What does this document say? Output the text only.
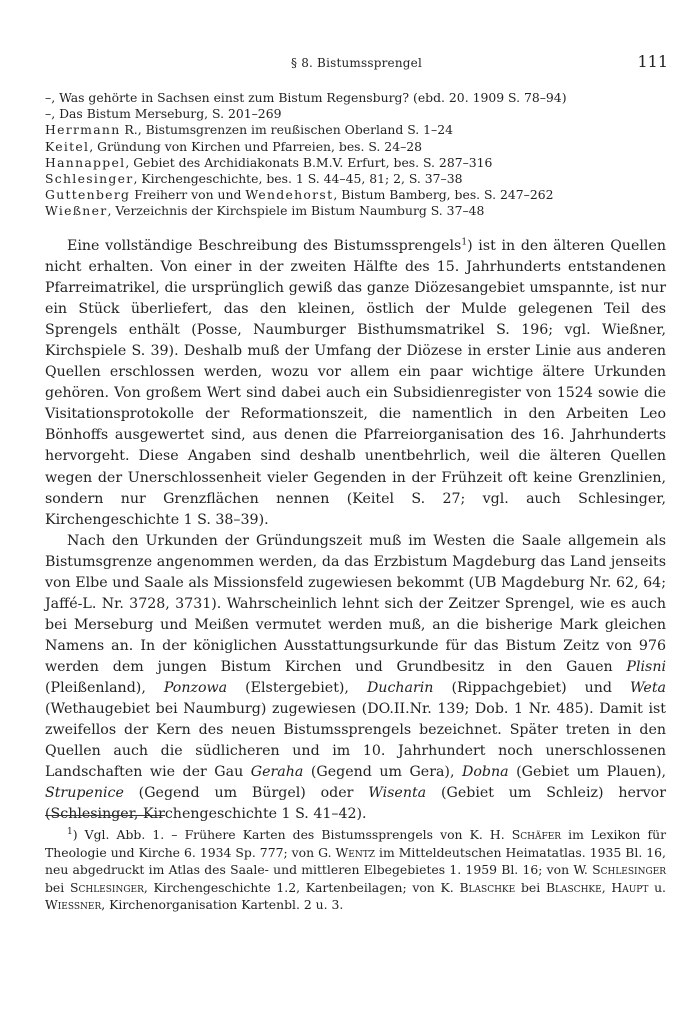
§ 8. Bistumssprengel	111
–, Was gehörte in Sachsen einst zum Bistum Regensburg? (ebd. 20. 1909 S. 78–94)
–, Das Bistum Merseburg, S. 201–269
Herrmann R., Bistumsgrenzen im reußischen Oberland S. 1–24
Keitel, Gründung von Kirchen und Pfarreien, bes. S. 24–28
Hannappel, Gebiet des Archidiakonats B.M.V. Erfurt, bes. S. 287–316
Schlesinger, Kirchengeschichte, bes. 1 S. 44–45, 81; 2, S. 37–38
Guttenberg Freiherr von und Wendehorst, Bistum Bamberg, bes. S. 247–262
Wießner, Verzeichnis der Kirchspiele im Bistum Naumburg S. 37–48

Eine vollständige Beschreibung des Bistumssprengels$^1$) ist in den älteren Quellen nicht erhalten. Von einer in der zweiten Hälfte des 15. Jahrhunderts entstandenen Pfarreimatrikel, die ursprünglich gewiß das ganze Diözesangebiet umspannte, ist nur ein Stück überliefert, das den kleinen, östlich der Mulde gelegenen Teil des Sprengels enthält (Posse, Naumburger Bisthumsmatrikel S. 196; vgl. Wießner, Kirchspiele S. 39). Deshalb muß der Umfang der Diözese in erster Linie aus anderen Quellen erschlossen werden, wozu vor allem ein paar wichtige ältere Urkunden gehören. Von großem Wert sind dabei auch ein Subsidienregister von 1524 sowie die Visitationsprotokolle der Reformationszeit, die namentlich in den Arbeiten Leo Bönhoffs ausgewertet sind, aus denen die Pfarreiorganisation des 16. Jahrhunderts hervorgeht. Diese Angaben sind deshalb unentbehrlich, weil die älteren Quellen wegen der Unerschlossenheit vieler Gegenden in der Frühzeit oft keine Grenzlinien, sondern nur Grenzflächen nennen (Keitel S. 27; vgl. auch Schlesinger, Kirchengeschichte 1 S. 38–39).

Nach den Urkunden der Gründungszeit muß im Westen die Saale allgemein als Bistumsgrenze angenommen werden, da das Erzbistum Magdeburg das Land jenseits von Elbe und Saale als Missionsfeld zugewiesen bekommt (UB Magdeburg Nr. 62, 64; Jaffé-L. Nr. 3728, 3731). Wahrscheinlich lehnt sich der Zeitzer Sprengel, wie es auch bei Merseburg und Meißen vermutet werden muß, an die bisherige Mark gleichen Namens an. In der königlichen Ausstattungsurkunde für das Bistum Zeitz von 976 werden dem jungen Bistum Kirchen und Grundbesitz in den Gauen Plisni (Pleißenland), Ponzowa (Elstergebiet), Ducharin (Rippachgebiet) und Weta (Wethaugebiet bei Naumburg) zugewiesen (DO.II.Nr. 139; Dob. 1 Nr. 485). Damit ist zweifellos der Kern des neuen Bistumssprengels bezeichnet. Später treten in den Quellen auch die südlicheren und im 10. Jahrhundert noch unerschlossenen Landschaften wie der Gau Geraha (Gegend um Gera), Dobna (Gebiet um Plauen), Strupenice (Gegend um Bürgel) oder Wisenta (Gebiet um Schleiz) hervor (Schlesinger, Kirchengeschichte 1 S. 41–42).

$^1$) Vgl. Abb. 1. – Frühere Karten des Bistumssprengels von K. H. Schäfer im Lexikon für Theologie und Kirche 6. 1934 Sp. 777; von G. Wentz im Mitteldeutschen Heimatatlas. 1935 Bl. 16, neu abgedruckt im Atlas des Saale- und mittleren Elbegebietes 1. 1959 Bl. 16; von W. Schlesinger bei Schlesinger, Kirchengeschichte 1.2, Kartenbeilagen; von K. Blaschke bei Blaschke, Haupt u. Wiessner, Kirchenorganisation Kartenbl. 2 u. 3.
